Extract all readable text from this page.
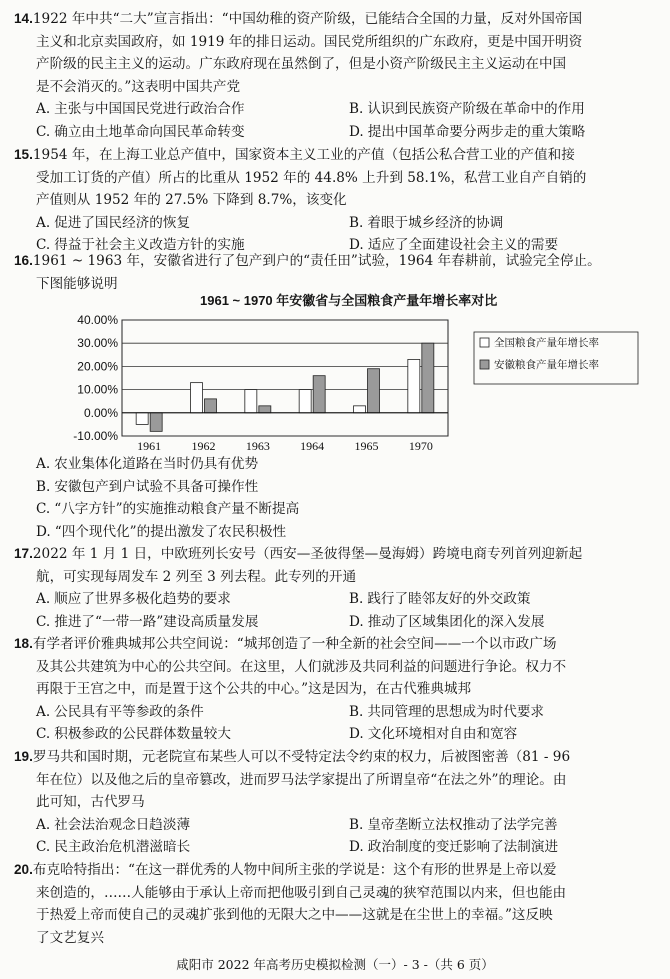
14.1922 年中共“二大”宣言指出：“中国幼稚的资产阶级，已能结合全国的力量，反对外国帝国
主义和北京卖国政府，如 1919 年的排日运动。国民党所组织的广东政府，更是中国开明资
产阶级的民主主义的运动。广东政府现在虽然倒了，但是小资产阶级民主主义运动在中国
是不会消灭的。”这表明中国共产党
A. 主张与中国国民党进行政治合作	B. 认识到民族资产阶级在革命中的作用
C. 确立由土地革命向国民革命转变	D. 提出中国革命要分两步走的重大策略
15.1954 年，在上海工业总产值中，国家资本主义工业的产值（包括公私合营工业的产值和接
受加工订货的产值）所占的比重从 1952 年的 44.8% 上升到 58.1%，私营工业自产自销的
产值则从 1952 年的 27.5% 下降到 8.7%，该变化
A. 促进了国民经济的恢复	B. 着眼于城乡经济的协调
C. 得益于社会主义改造方针的实施	D. 适应了全面建设社会主义的需要
16.1961 ~ 1963 年，安徽省进行了包产到户的“责任田”试验，1964 年春耕前，试验完全停止。
下图能够说明
1961 ~ 1970 年安徽省与全国粮食产量年增长率对比
40.00%
30.00%
20.00%
10.00%
0.00%
-10.00%
1961	1962	1963	1964	1965	1970
全国粮食产量年增长率
安徽粮食产量年增长率
A. 农业集体化道路在当时仍具有优势
B. 安徽包产到户试验不具备可操作性
C. “八字方针”的实施推动粮食产量不断提高
D. “四个现代化”的提出激发了农民积极性
17.2022 年 1 月 1 日，中欧班列长安号（西安—圣彼得堡—曼海姆）跨境电商专列首列迎新起
航，可实现每周发车 2 列至 3 列去程。此专列的开通
A. 顺应了世界多极化趋势的要求	B. 践行了睦邻友好的外交政策
C. 推进了“一带一路”建设高质量发展	D. 推动了区域集团化的深入发展
18.有学者评价雅典城邦公共空间说：“城邦创造了一种全新的社会空间——一个以市政广场
及其公共建筑为中心的公共空间。在这里，人们就涉及共同利益的问题进行争论。权力不
再限于王宫之中，而是置于这个公共的中心。”这是因为，在古代雅典城邦
A. 公民具有平等参政的条件	B. 共同管理的思想成为时代要求
C. 积极参政的公民群体数量较大	D. 文化环境相对自由和宽容
19.罗马共和国时期，元老院宣布某些人可以不受特定法令约束的权力，后被图密善（81 - 96
年在位）以及他之后的皇帝篡改，进而罗马法学家提出了所谓皇帝“在法之外”的理论。由
此可知，古代罗马
A. 社会法治观念日趋淡薄	B. 皇帝垄断立法权推动了法学完善
C. 民主政治危机潜滋暗长	D. 政治制度的变迁影响了法制演进
20.布克哈特指出：“在这一群优秀的人物中间所主张的学说是：这个有形的世界是上帝以爱
来创造的，……人能够由于承认上帝而把他吸引到自己灵魂的狭窄范围以内来，但也能由
于热爱上帝而使自己的灵魂扩张到他的无限大之中——这就是在尘世上的幸福。”这反映
了文艺复兴
咸阳市 2022 年高考历史模拟检测（一）- 3 -（共 6 页）
